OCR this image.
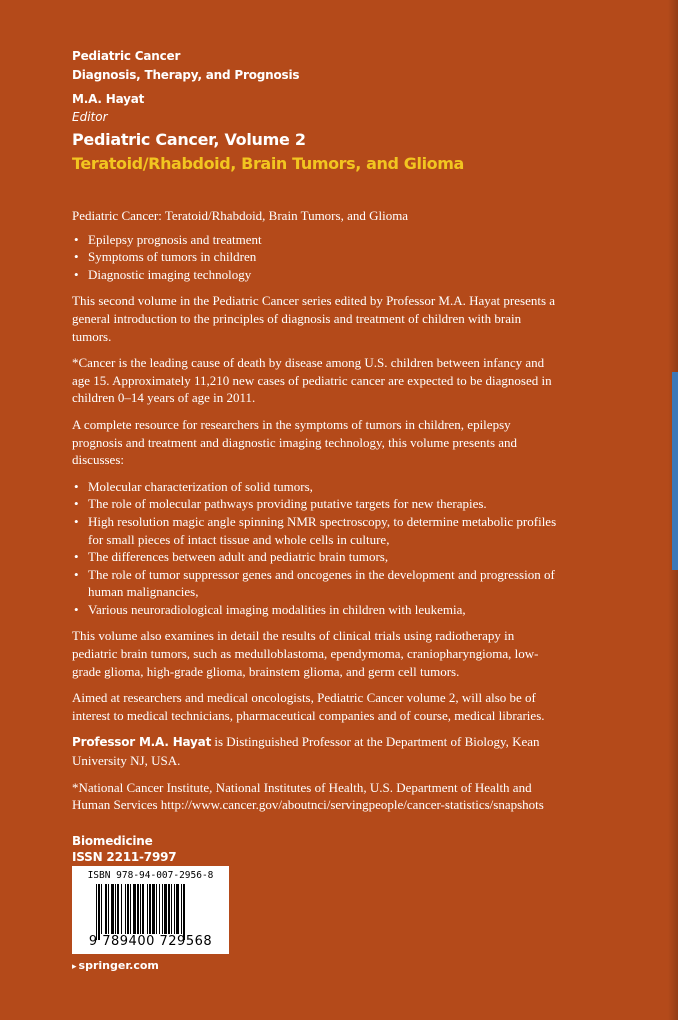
Pediatric Cancer
Diagnosis, Therapy, and Prognosis
M.A. Hayat
Editor
Pediatric Cancer, Volume 2
Teratoid/Rhabdoid, Brain Tumors, and Glioma

Pediatric Cancer: Teratoid/Rhabdoid, Brain Tumors, and Glioma

• Epilepsy prognosis and treatment
• Symptoms of tumors in children
• Diagnostic imaging technology

This second volume in the Pediatric Cancer series edited by Professor M.A. Hayat presents a general introduction to the principles of diagnosis and treatment of children with brain tumors.

*Cancer is the leading cause of death by disease among U.S. children between infancy and age 15. Approximately 11,210 new cases of pediatric cancer are expected to be diagnosed in children 0–14 years of age in 2011.

A complete resource for researchers in the symptoms of tumors in children, epilepsy prognosis and treatment and diagnostic imaging technology, this volume presents and discusses:

• Molecular characterization of solid tumors,
• The role of molecular pathways providing putative targets for new therapies.
• High resolution magic angle spinning NMR spectroscopy, to determine metabolic profiles for small pieces of intact tissue and whole cells in culture,
• The differences between adult and pediatric brain tumors,
• The role of tumor suppressor genes and oncogenes in the development and progression of human malignancies,
• Various neuroradiological imaging modalities in children with leukemia,

This volume also examines in detail the results of clinical trials using radiotherapy in pediatric brain tumors, such as medulloblastoma, ependymoma, craniopharyngioma, low-grade glioma, high-grade glioma, brainstem glioma, and germ cell tumors.

Aimed at researchers and medical oncologists, Pediatric Cancer volume 2, will also be of interest to medical technicians, pharmaceutical companies and of course, medical libraries.

Professor M.A. Hayat is Distinguished Professor at the Department of Biology, Kean University NJ, USA.

*National Cancer Institute, National Institutes of Health, U.S. Department of Health and Human Services http://www.cancer.gov/aboutnci/servingpeople/cancer-statistics/snapshots

Biomedicine
ISSN 2211-7997
ISBN 978-94-007-2956-8
9 789400 729568
▸ springer.com
